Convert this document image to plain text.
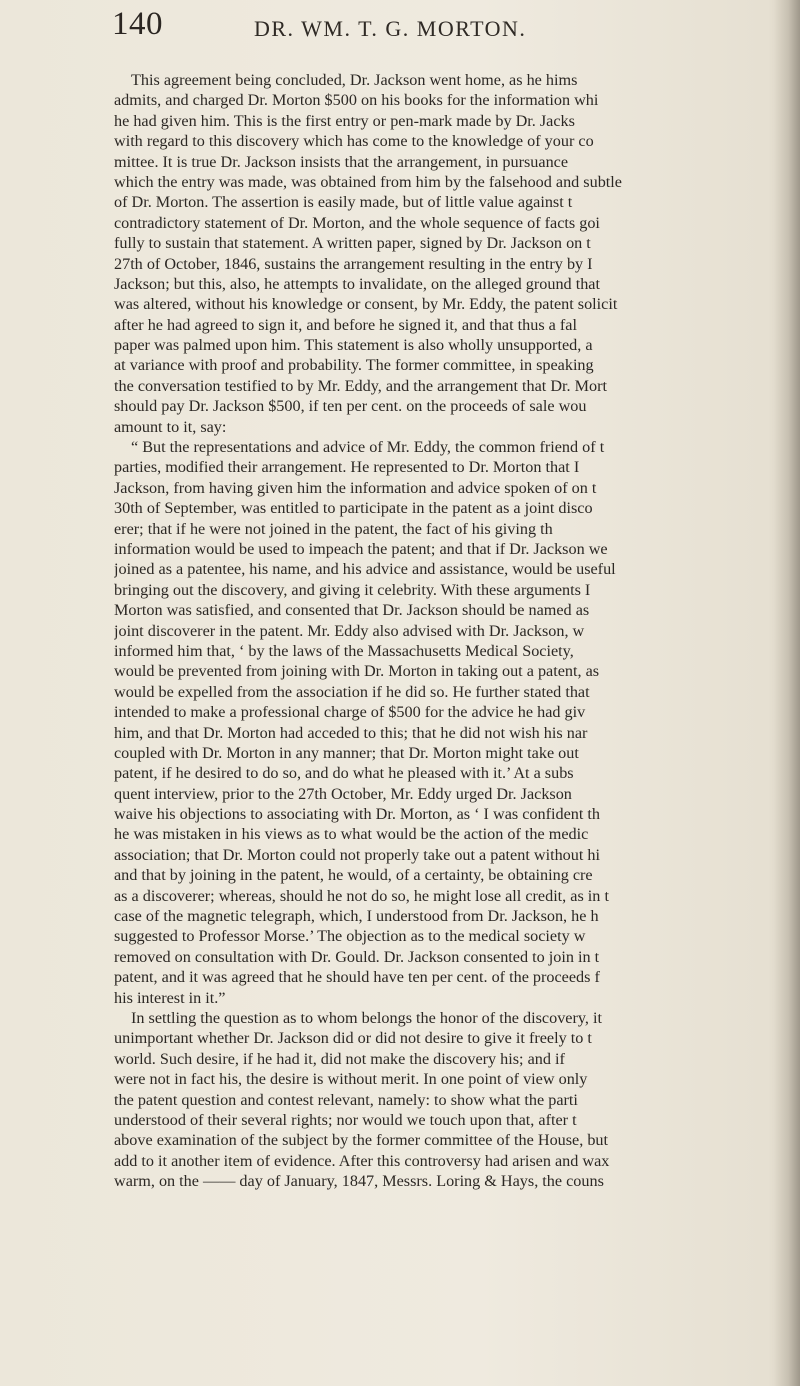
140	DR. WM. T. G. MORTON.
This agreement being concluded, Dr. Jackson went home, as he hims
admits, and charged Dr. Morton $500 on his books for the information whi
he had given him. This is the first entry or pen-mark made by Dr. Jacks
with regard to this discovery which has come to the knowledge of your co
mittee. It is true Dr. Jackson insists that the arrangement, in pursuance
which the entry was made, was obtained from him by the falsehood and subtle
of Dr. Morton. The assertion is easily made, but of little value against t
contradictory statement of Dr. Morton, and the whole sequence of facts goi
fully to sustain that statement. A written paper, signed by Dr. Jackson on t
27th of October, 1846, sustains the arrangement resulting in the entry by I
Jackson; but this, also, he attempts to invalidate, on the alleged ground that
was altered, without his knowledge or consent, by Mr. Eddy, the patent solicit
after he had agreed to sign it, and before he signed it, and that thus a fal
paper was palmed upon him. This statement is also wholly unsupported, a
at variance with proof and probability. The former committee, in speaking
the conversation testified to by Mr. Eddy, and the arrangement that Dr. Mort
should pay Dr. Jackson $500, if ten per cent. on the proceeds of sale wou
amount to it, say:
“ But the representations and advice of Mr. Eddy, the common friend of t
parties, modified their arrangement. He represented to Dr. Morton that I
Jackson, from having given him the information and advice spoken of on t
30th of September, was entitled to participate in the patent as a joint disco
erer; that if he were not joined in the patent, the fact of his giving th
information would be used to impeach the patent; and that if Dr. Jackson we
joined as a patentee, his name, and his advice and assistance, would be useful
bringing out the discovery, and giving it celebrity. With these arguments I
Morton was satisfied, and consented that Dr. Jackson should be named as
joint discoverer in the patent. Mr. Eddy also advised with Dr. Jackson, w
informed him that, ‘ by the laws of the Massachusetts Medical Society,
would be prevented from joining with Dr. Morton in taking out a patent, as
would be expelled from the association if he did so. He further stated that
intended to make a professional charge of $500 for the advice he had giv
him, and that Dr. Morton had acceded to this; that he did not wish his nar
coupled with Dr. Morton in any manner; that Dr. Morton might take out
patent, if he desired to do so, and do what he pleased with it.’ At a subs
quent interview, prior to the 27th October, Mr. Eddy urged Dr. Jackson
waive his objections to associating with Dr. Morton, as ‘ I was confident th
he was mistaken in his views as to what would be the action of the medic
association; that Dr. Morton could not properly take out a patent without hi
and that by joining in the patent, he would, of a certainty, be obtaining cre
as a discoverer; whereas, should he not do so, he might lose all credit, as in t
case of the magnetic telegraph, which, I understood from Dr. Jackson, he h
suggested to Professor Morse.’ The objection as to the medical society w
removed on consultation with Dr. Gould. Dr. Jackson consented to join in t
patent, and it was agreed that he should have ten per cent. of the proceeds f
his interest in it.”
In settling the question as to whom belongs the honor of the discovery, it
unimportant whether Dr. Jackson did or did not desire to give it freely to t
world. Such desire, if he had it, did not make the discovery his; and if
were not in fact his, the desire is without merit. In one point of view only
the patent question and contest relevant, namely: to show what the parti
understood of their several rights; nor would we touch upon that, after t
above examination of the subject by the former committee of the House, but
add to it another item of evidence. After this controversy had arisen and wax
warm, on the —— day of January, 1847, Messrs. Loring & Hays, the couns
